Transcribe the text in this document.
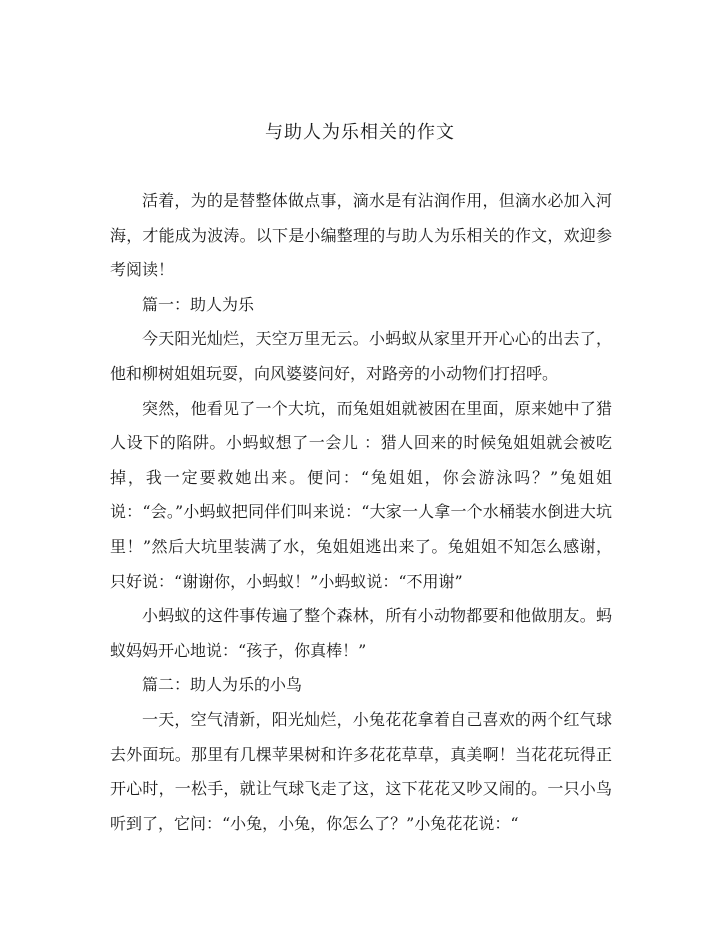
与助人为乐相关的作文

活着，为的是替整体做点事，滴水是有沾润作用，但滴水必加入河海，才能成为波涛。以下是小编整理的与助人为乐相关的作文，欢迎参考阅读！

篇一：助人为乐

今天阳光灿烂，天空万里无云。小蚂蚁从家里开开心心的出去了，他和柳树姐姐玩耍，向风婆婆问好，对路旁的小动物们打招呼。

突然，他看见了一个大坑，而兔姐姐就被困在里面，原来她中了猎人设下的陷阱。小蚂蚁想了一会儿 ：猎人回来的时候兔姐姐就会被吃掉，我一定要救她出来。便问：“兔姐姐，你会游泳吗？”兔姐姐说：“会。”小蚂蚁把同伴们叫来说：“大家一人拿一个水桶装水倒进大坑里！”然后大坑里装满了水，兔姐姐逃出来了。兔姐姐不知怎么感谢，只好说：“谢谢你，小蚂蚁！”小蚂蚁说：“不用谢”

小蚂蚁的这件事传遍了整个森林，所有小动物都要和他做朋友。蚂蚁妈妈开心地说：“孩子，你真棒！”

篇二：助人为乐的小鸟

一天，空气清新，阳光灿烂，小兔花花拿着自己喜欢的两个红气球去外面玩。那里有几棵苹果树和许多花花草草，真美啊！当花花玩得正开心时，一松手，就让气球飞走了这，这下花花又吵又闹的。一只小鸟听到了，它问：“小兔，小兔，你怎么了？”小兔花花说：“
